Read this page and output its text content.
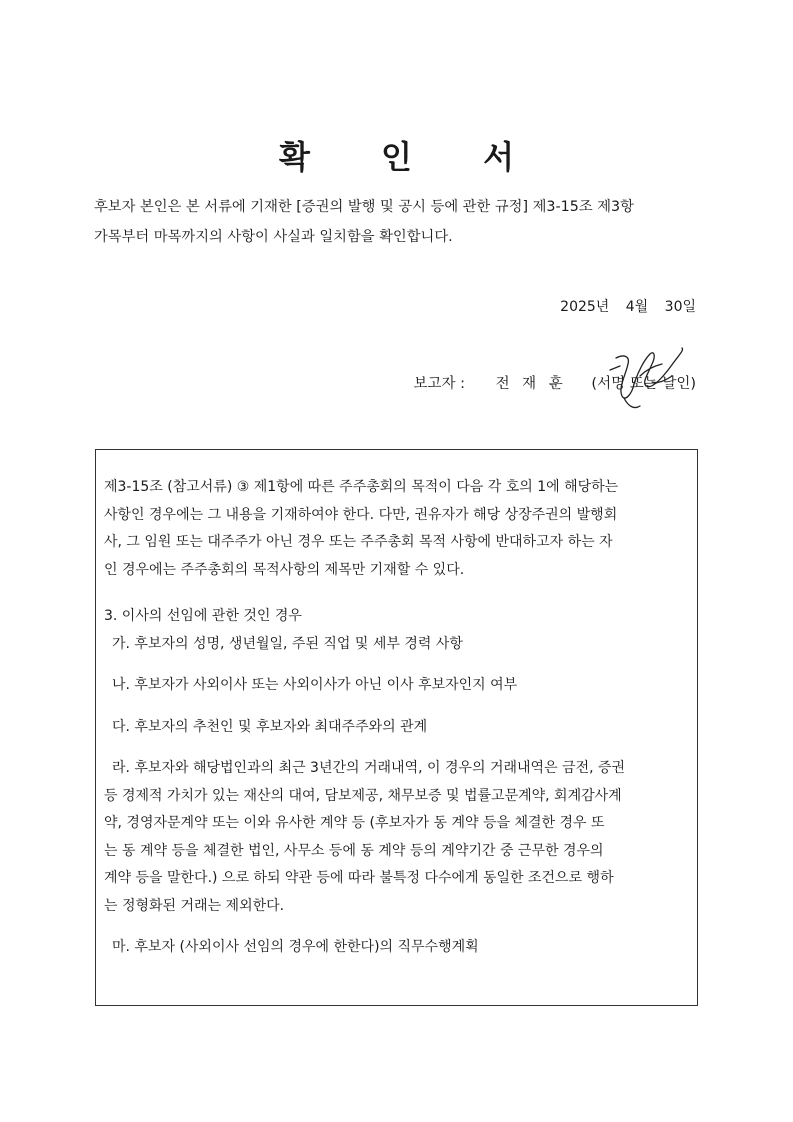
확 인 서
후보자 본인은 본 서류에 기재한 [증권의 발행 및 공시 등에 관한 규정] 제3-15조 제3항
가목부터 마목까지의 사항이 사실과 일치함을 확인합니다.
2025년 4월 30일
보고자 : 전 재 훈 (서명 또는 날인)
제3-15조 (참고서류) ③ 제1항에 따른 주주총회의 목적이 다음 각 호의 1에 해당하는
사항인 경우에는 그 내용을 기재하여야 한다. 다만, 권유자가 해당 상장주권의 발행회
사, 그 임원 또는 대주주가 아닌 경우 또는 주주총회 목적 사항에 반대하고자 하는 자
인 경우에는 주주총회의 목적사항의 제목만 기재할 수 있다.
3. 이사의 선임에 관한 것인 경우
가. 후보자의 성명, 생년월일, 주된 직업 및 세부 경력 사항
나. 후보자가 사외이사 또는 사외이사가 아닌 이사 후보자인지 여부
다. 후보자의 추천인 및 후보자와 최대주주와의 관계
라. 후보자와 해당법인과의 최근 3년간의 거래내역, 이 경우의 거래내역은 금전, 증권
등 경제적 가치가 있는 재산의 대여, 담보제공, 채무보증 및 법률고문계약, 회계감사계
약, 경영자문계약 또는 이와 유사한 계약 등 (후보자가 동 계약 등을 체결한 경우 또
는 동 계약 등을 체결한 법인, 사무소 등에 동 계약 등의 계약기간 중 근무한 경우의
계약 등을 말한다.) 으로 하되 약관 등에 따라 불특정 다수에게 동일한 조건으로 행하
는 정형화된 거래는 제외한다.
마. 후보자 (사외이사 선임의 경우에 한한다)의 직무수행계획
